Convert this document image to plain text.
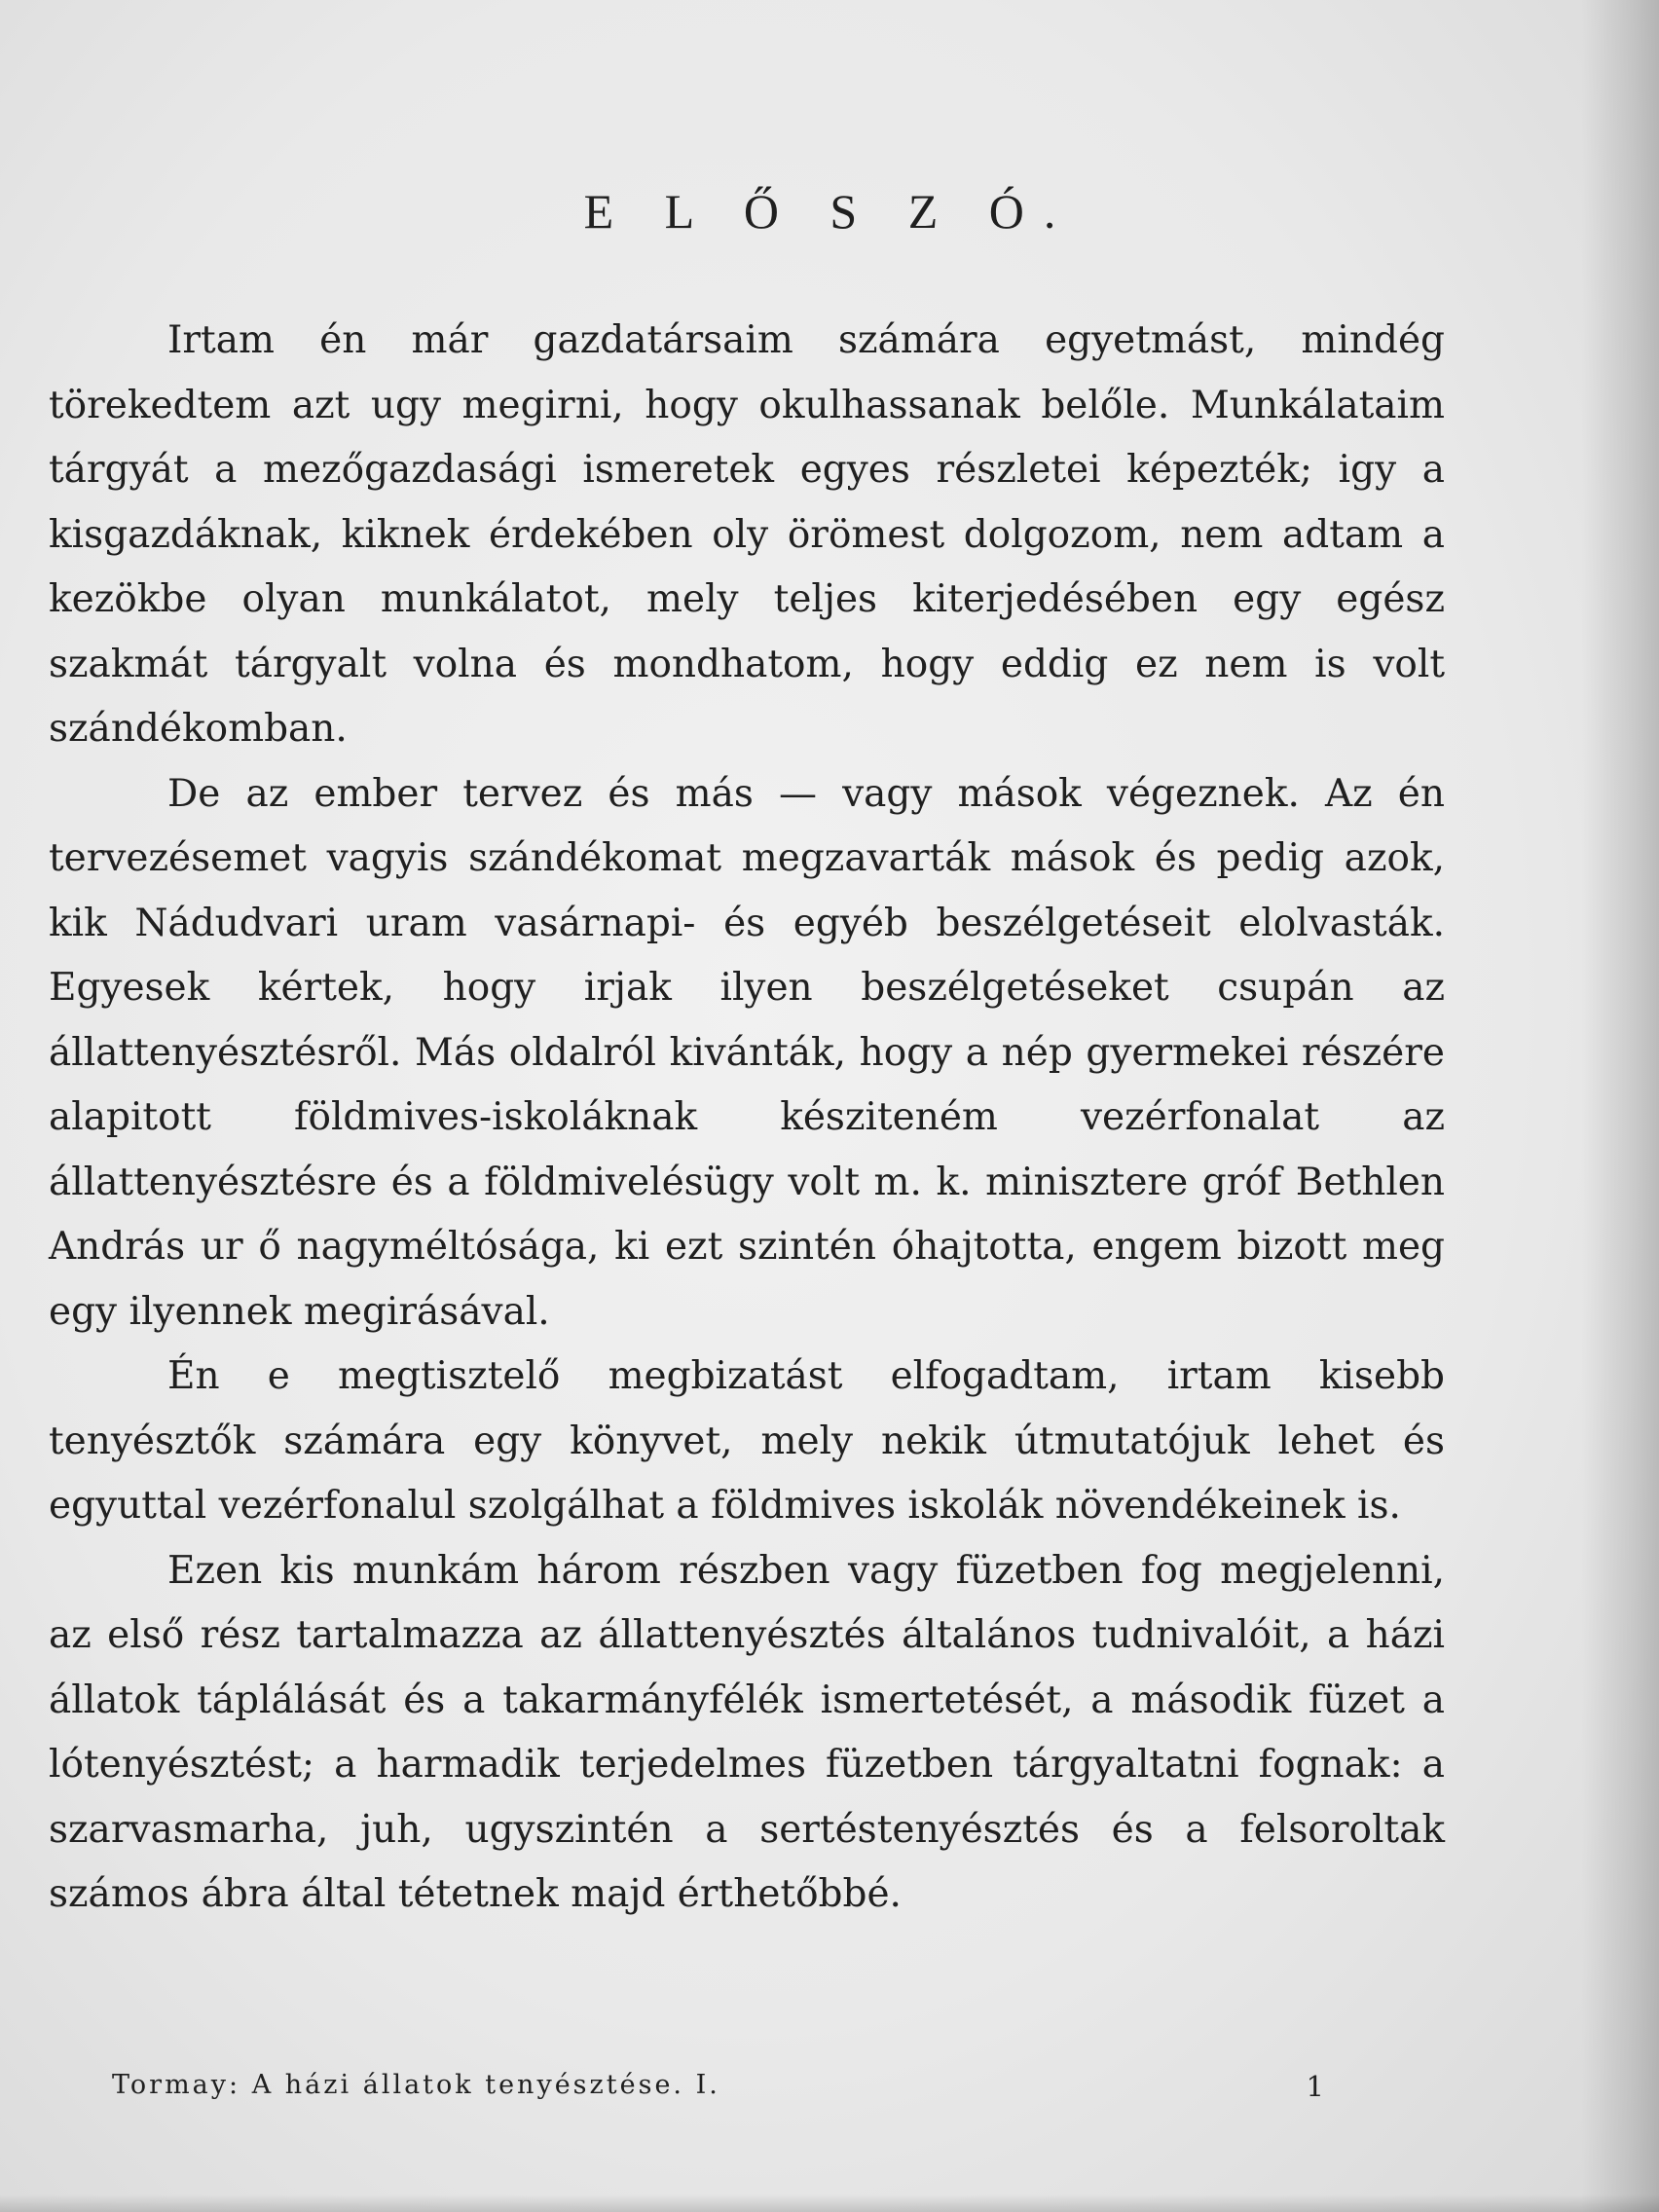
E L Ő S Z Ó.

Irtam én már gazdatársaim számára egyetmást, mindég törekedtem azt ugy megirni, hogy okulhassanak belőle. Munkálataim tárgyát a mezőgazdasági ismeretek egyes részletei képezték; igy a kisgazdáknak, kiknek érdekében oly örömest dolgozom, nem adtam a kezökbe olyan munkálatot, mely teljes kiterjedésében egy egész szakmát tárgyalt volna és mondhatom, hogy eddig ez nem is volt szándékomban.

De az ember tervez és más — vagy mások végeznek. Az én tervezésemet vagyis szándékomat megzavarták mások és pedig azok, kik Nádudvari uram vasárnapi- és egyéb beszélgetéseit elolvasták. Egyesek kértek, hogy irjak ilyen beszélgetéseket csupán az állattenyésztésről. Más oldalról kivánták, hogy a nép gyermekei részére alapitott földmives-iskoláknak késziteném vezérfonalat az állattenyésztésre és a földmivelésügy volt m. k. minisztere gróf Bethlen András ur ő nagyméltósága, ki ezt szintén óhajtotta, engem bizott meg egy ilyennek megirásával.

Én e megtisztelő megbizatást elfogadtam, irtam kisebb tenyésztők számára egy könyvet, mely nekik útmutatójuk lehet és egyuttal vezérfonalul szolgálhat a földmives iskolák növendékeinek is.

Ezen kis munkám három részben vagy füzetben fog megjelenni, az első rész tartalmazza az állattenyésztés általános tudnivalóit, a házi állatok táplálását és a takarmányfélék ismertetését, a második füzet a lótenyésztést; a harmadik terjedelmes füzetben tárgyaltatni fognak: a szarvasmarha, juh, ugyszintén a sertéstenyésztés és a felsoroltak számos ábra által tétetnek majd érthetőbbé.

Tormay: A házi állatok tenyésztése. I.	1
